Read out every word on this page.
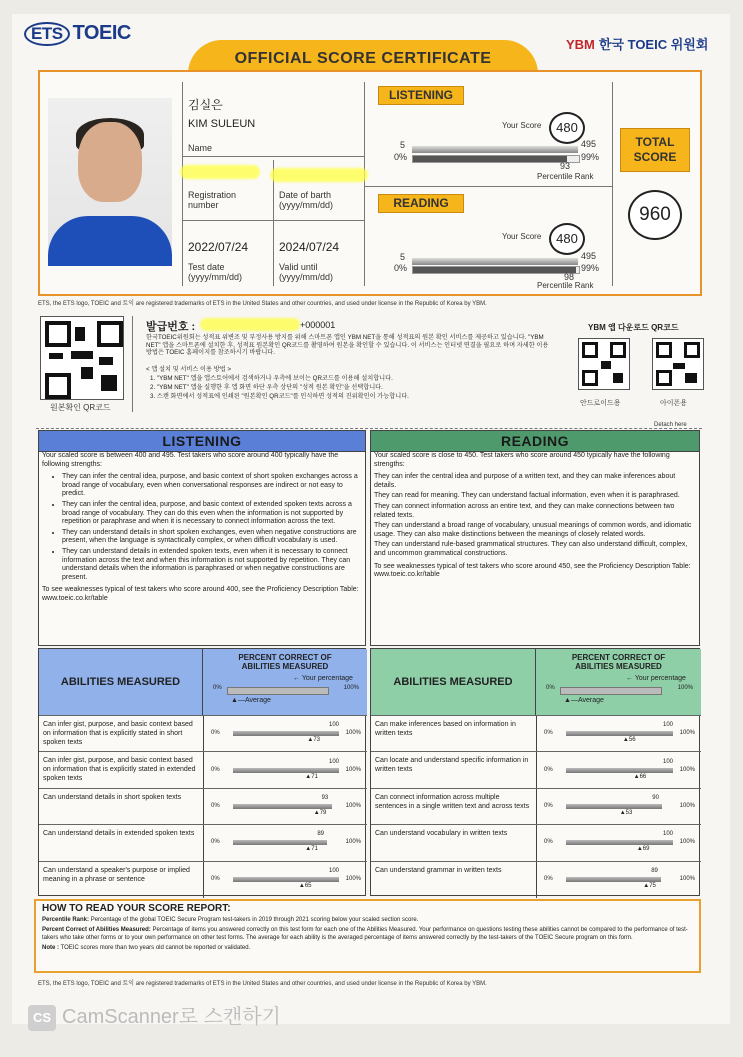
ETS TOEIC
YBM 한국 TOEIC 위원회
OFFICIAL SCORE CERTIFICATE
김실은
KIM SULEUN
Name
Registration number
Date of barth (yyyy/mm/dd)
2022/07/24	2024/07/24
Test date (yyyy/mm/dd)
Valid until (yyyy/mm/dd)
LISTENING
Your Score	480
5	495
0%	99%
93
Percentile Rank
READING
Your Score	480
5	495
0%	99%
98
Percentile Rank
TOTAL
SCORE
960
ETS, the ETS logo, TOEIC and 토익 are registered trademarks of ETS in the United States and other countries, and used under license in the Republic of Korea by YBM.
원본확인 QR코드
발급번호 :	+000001
한국TOEIC위원회는 성적표 위변조 및 부정사용 방지를 위해 스마트폰 앱인 YBM NET을 통해 성적표의 원본 확인 서비스를 제공하고 있습니다. "YBM NET" 앱을 스마트폰에 설치한 후, 성적표 원본확인 QR코드를 촬영하여 원본을 확인할 수 있습니다. 이 서비스는 인터넷 연결을 필요로 하며 자세한 이용방법은 TOEIC 홈페이지를 참조하시기 바랍니다.
< 앱 설치 및 서비스 이용 방법 >
1. "YBM NET" 앱을 앱스토어에서 검색하거나 우측에 보이는 QR코드를 이용해 설치합니다.
2. "YBM NET" 앱을 실행한 후 앱 화면 하단 우측 상단의 "성적 원본 확인"을 선택합니다.
3. 스캔 화면에서 성적표에 인쇄된 "원본확인 QR코드"를 인식하면 성적의 진위확인이 가능합니다.
YBM 앱 다운로드 QR코드
안드로이드용	아이폰용
Detach here
LISTENING
Your scaled score is between 400 and 495. Test takers who score around 400 typically have the following strengths:
• They can infer the central idea, purpose, and basic context of short spoken exchanges across a broad range of vocabulary, even when conversational responses are indirect or not easy to predict.
• They can infer the central idea, purpose, and basic context of extended spoken texts across a broad range of vocabulary. They can do this even when the information is not supported by repetition or paraphrase and when it is necessary to connect information across the text.
• They can understand details in short spoken exchanges, even when negative constructions are present, when the language is syntactically complex, or when difficult vocabulary is used.
• They can understand details in extended spoken texts, even when it is necessary to connect information across the text and when this information is not supported by repetition. They can understand details when the information is paraphrased or when negative constructions are present.
To see weaknesses typical of test takers who score around 400, see the Proficiency Description Table: www.toeic.co.kr/table
READING
Your scaled score is close to 450. Test takers who score around 450 typically have the following strengths:
They can infer the central idea and purpose of a written text, and they can make inferences about details.
They can read for meaning. They can understand factual information, even when it is paraphrased.
They can connect information across an entire text, and they can make connections between two related texts.
They can understand a broad range of vocabulary, unusual meanings of common words, and idiomatic usage. They can also make distinctions between the meanings of closely related words.
They can understand rule-based grammatical structures. They can also understand difficult, complex, and uncommon grammatical constructions.
To see weaknesses typical of test takers who score around 450, see the Proficiency Description Table: www.toeic.co.kr/table
ABILITIES MEASURED
PERCENT CORRECT OF ABILITIES MEASURED
0%	100%
← Your percentage
▲—Average
Can infer gist, purpose, and basic context based on information that is explicitly stated in short spoken texts
0%
100
▲73
100%
Can infer gist, purpose, and basic context based on information that is explicitly stated in extended spoken texts
0%
100
▲71
100%
Can understand details in short spoken texts
0%
93
▲79
100%
Can understand details in extended spoken texts
0%
89
▲71
100%
Can understand a speaker's purpose or implied meaning in a phrase or sentence	0%
100
▲65
100%
ABILITIES MEASURED
PERCENT CORRECT OF ABILITIES MEASURED
0%	100%
← Your percentage
▲—Average
Can make inferences based on information in written texts	0%
100
▲56
100%
Can locate and understand specific information in written texts	0%
100
▲66
100%
Can connect information across multiple sentences in a single written text and across texts 0%
90
▲53
100%
Can understand vocabulary in written texts
0%
100
▲69
100%
Can understand grammar in written texts
0%
89
▲75
100%
HOW TO READ YOUR SCORE REPORT:
Percentile Rank: Percentage of the global TOEIC Secure Program test-takers in 2019 through 2021 scoring below your scaled section score.
Percent Correct of Abilities Measured: Percentage of items you answered correctly on this test form for each one of the Abilities Measured. Your performance on questions testing these abilities cannot be compared to the performance of test-takers who take other forms or to your own performance on other test forms. The average for each ability is the averaged percentage of items answered correctly by the test-takers of the TOEIC Secure program on this form.
Note : TOEIC scores more than two years old cannot be reported or validated.
ETS, the ETS logo, TOEIC and 토익 are registered trademarks of ETS in the United States and other countries, and used under license in the Republic of Korea by YBM.
CS CamScanner로 스캔하기
